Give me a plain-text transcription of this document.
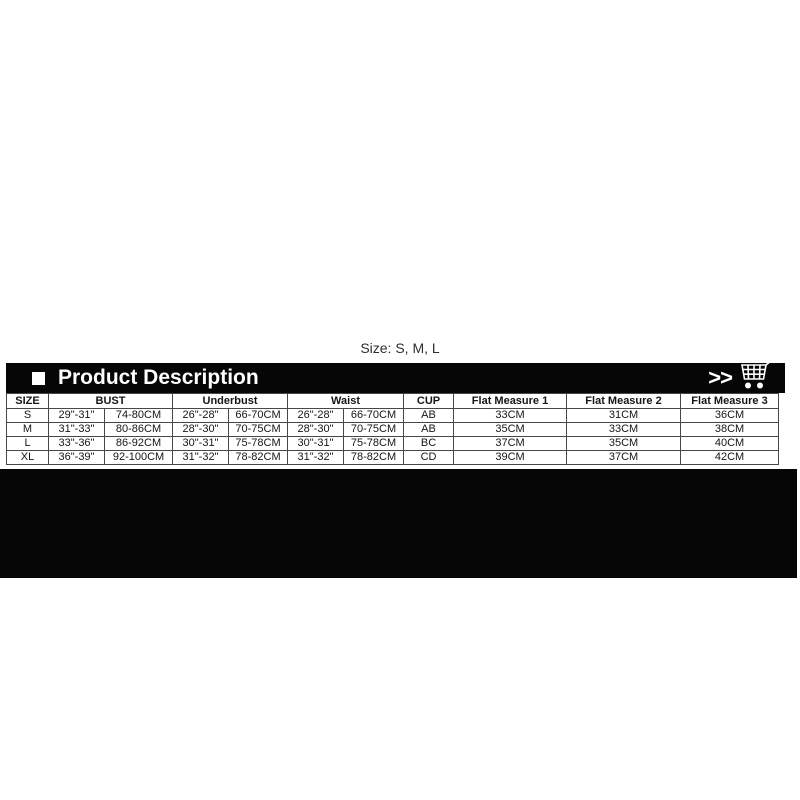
Size: S, M, L
Product Description	>>
SIZE	BUST		Underbust		Waist		CUP	Flat Measure 1	Flat Measure 2	Flat Measure 3
S	29"-31"	74-80CM	26"-28"	66-70CM	26"-28"	66-70CM	AB	33CM	31CM	36CM
M	31"-33"	80-86CM	28"-30"	70-75CM	28"-30"	70-75CM	AB	35CM	33CM	38CM
L	33"-36"	86-92CM	30"-31"	75-78CM	30"-31"	75-78CM	BC	37CM	35CM	40CM
XL	36"-39"	92-100CM	31"-32"	78-82CM	31"-32"	78-82CM	CD	39CM	37CM	42CM
